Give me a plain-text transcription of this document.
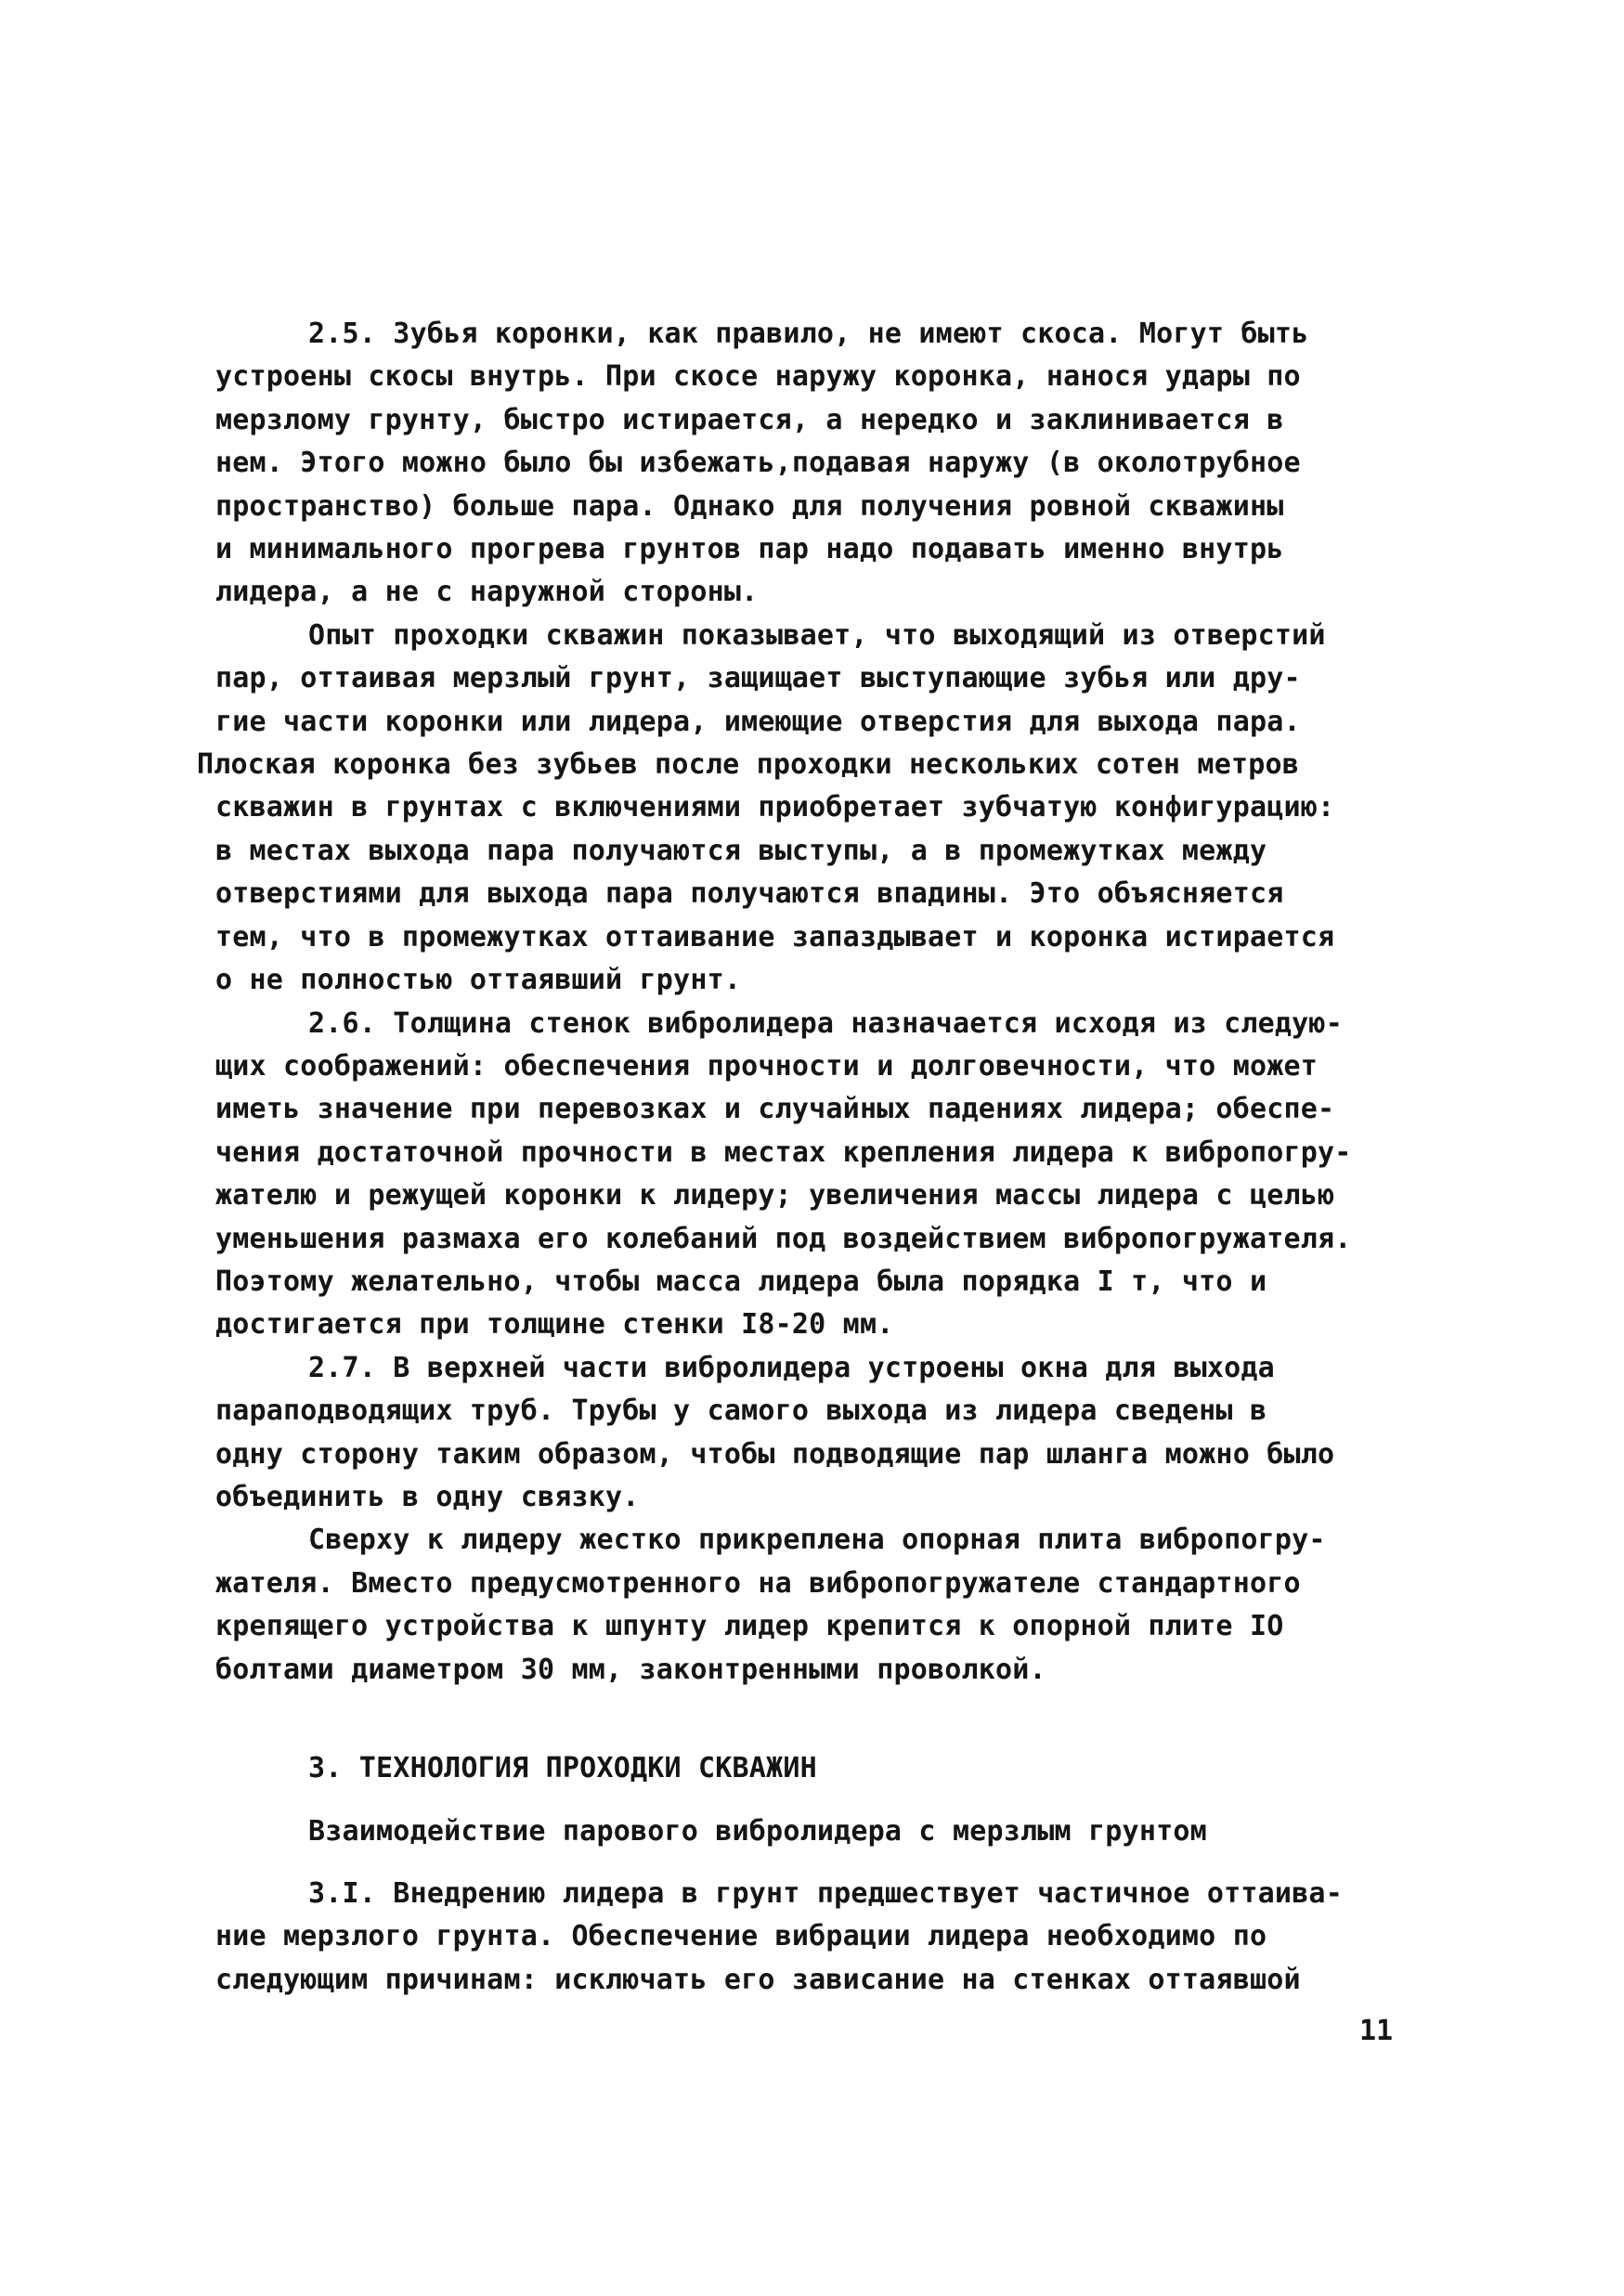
2.5. Зубья коронки, как правило, не имеют скоса. Могут быть
устроены скосы внутрь. При скосе наружу коронка, нанося удары по
мерзлому грунту, быстро истирается, а нередко и заклинивается в
нем. Этого можно было бы избежать,подавая наружу (в околотрубное
пространство) больше пара. Однако для получения ровной скважины
и минимального прогрева грунтов пар надо подавать именно внутрь
лидера, а не с наружной стороны.
Опыт проходки скважин показывает, что выходящий из отверстий
пар, оттаивая мерзлый грунт, защищает выступающие зубья или дру-
гие части коронки или лидера, имеющие отверстия для выхода пара.
Плоская коронка без зубьев после проходки нескольких сотен метров
скважин в грунтах с включениями приобретает зубчатую конфигурацию:
в местах выхода пара получаются выступы, а в промежутках между
отверстиями для выхода пара получаются впадины. Это объясняется
тем, что в промежутках оттаивание запаздывает и коронка истирается
о не полностью оттаявший грунт.
2.6. Толщина стенок вибролидера назначается исходя из следую-
щих соображений: обеспечения прочности и долговечности, что может
иметь значение при перевозках и случайных падениях лидера; обеспе-
чения достаточной прочности в местах крепления лидера к вибропогру-
жателю и режущей коронки к лидеру; увеличения массы лидера с целью
уменьшения размаха его колебаний под воздействием вибропогружателя.
Поэтому желательно, чтобы масса лидера была порядка I т, что и
достигается при толщине стенки I8-20 мм.
2.7. В верхней части вибролидера устроены окна для выхода
параподводящих труб. Трубы у самого выхода из лидера сведены в
одну сторону таким образом, чтобы подводящие пар шланга можно было
объединить в одну связку.
Сверху к лидеру жестко прикреплена опорная плита вибропогру-
жателя. Вместо предусмотренного на вибропогружателе стандартного
крепящего устройства к шпунту лидер крепится к опорной плите IO
болтами диаметром 30 мм, законтренными проволкой.
3. ТЕХНОЛОГИЯ ПРОХОДКИ СКВАЖИН
Взаимодействие парового вибролидера с мерзлым грунтом
3.I. Внедрению лидера в грунт предшествует частичное оттаива-
ние мерзлого грунта. Обеспечение вибрации лидера необходимо по
следующим причинам: исключать его зависание на стенках оттаявшой
11
